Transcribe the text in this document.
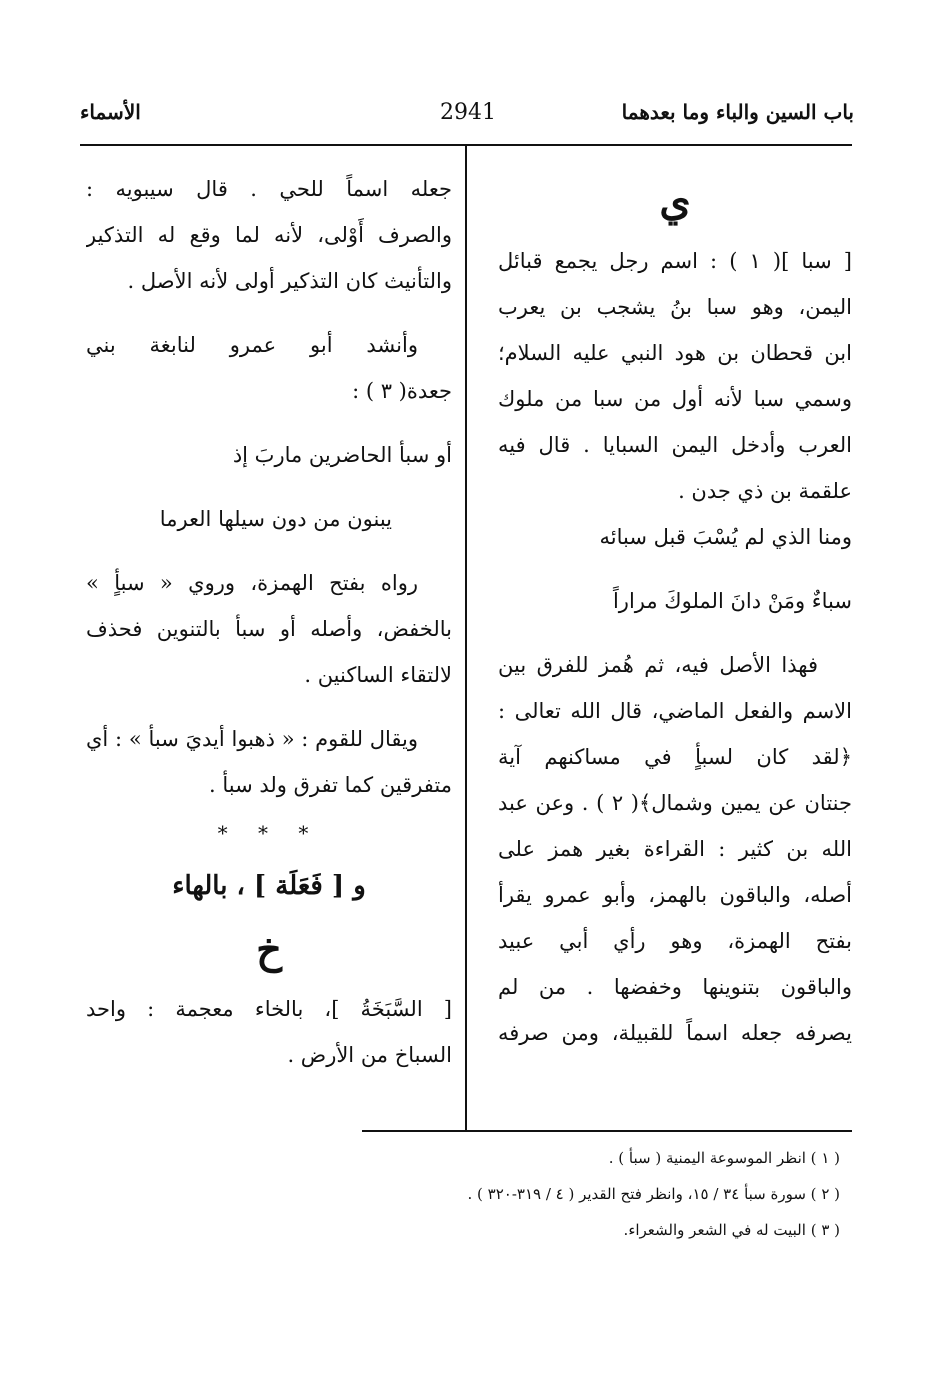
باب السين والباء وما بعدهما
2941
الأسماء
ي
[ سبا ]( ١ ) : اسم رجل يجمع قبائل
اليمن، وهو سبا بنُ يشجب بن يعرب
ابن قحطان بن هود النبي عليه السلام؛
وسمي سبا لأنه أول من سبا من ملوك
العرب وأدخل اليمن السبايا . قال فيه
علقمة بن ذي جدن .
ومنا الذي لم يُسْبَ قبل سبائه
سباءٌ ومَنْ دانَ الملوكَ مراراً
فهذا الأصل فيه، ثم هُمز للفرق بين
الاسم والفعل الماضي، قال الله تعالى :
﴿لقد كان لسبأٍ في مساكنهم آية
جنتان عن يمين وشمال﴾( ٢ ) . وعن عبد
الله بن كثير : القراءة بغير همز على
أصله، والباقون بالهمز، وأبو عمرو يقرأ
بفتح الهمزة، وهو رأي أبي عبيد
والباقون بتنوينها وخفضها . من لم
يصرفه جعله اسماً للقبيلة، ومن صرفه
جعله اسماً للحي . قال سيبويه :
والصرف أَوْلى، لأنه لما وقع له التذكير
والتأنيث كان التذكير أولى لأنه الأصل .
وأنشد أبو عمرو لنابغة بني
جعدة( ٣ ) :
أو سبأ الحاضرين ماربَ إذ
يبنون من دون سيلها العرما
رواه بفتح الهمزة، وروي « سبأٍ »
بالخفض، وأصله أو سبأ بالتنوين فحذف
لالتقاء الساكنين .
ويقال للقوم : « ذهبوا أيديَ سبأ » : أي
متفرقين كما تفرق ولد سبأ .
* * *
و [ فَعَلَة ] ، بالهاء
خ
[ السَّبَخَةُ ]، بالخاء معجمة : واحد
السباخ من الأرض .
( ١ ) انظر الموسوعة اليمنية ( سبأ ) .
( ٢ ) سورة سبأ ٣٤ / ١٥، وانظر فتح القدير ( ٤ / ٣١٩-٣٢٠ ) .
( ٣ ) البيت له في الشعر والشعراء.
